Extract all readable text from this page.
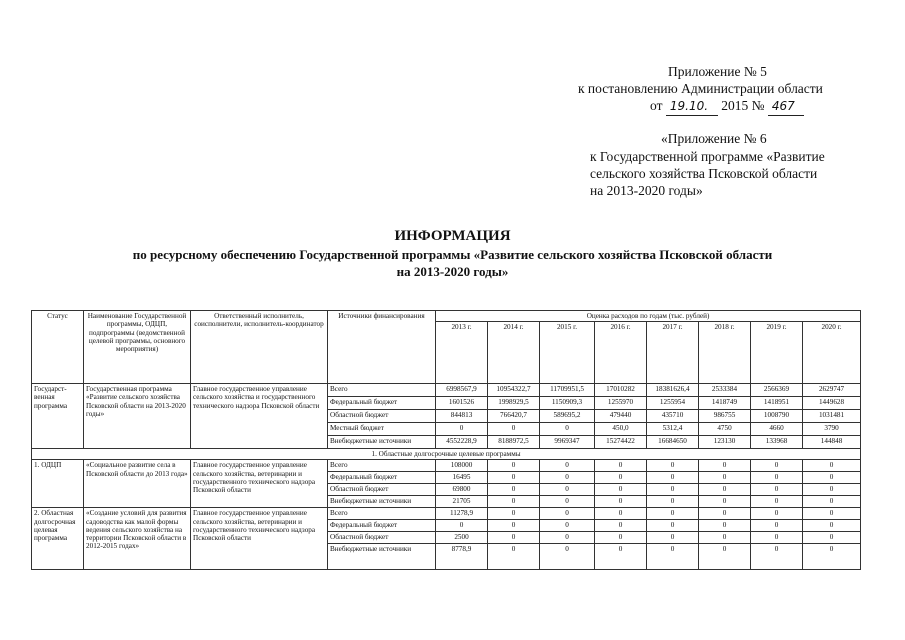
Приложение № 5
к постановлению Администрации области
от 19.10. 2015 № 467
«Приложение № 6
к Государственной программе «Развитие
сельского хозяйства Псковской области
на 2013-2020 годы»
ИНФОРМАЦИЯ
по ресурсному обеспечению Государственной программы «Развитие сельского хозяйства Псковской области
на 2013-2020 годы»
Статус	Наименование Государственной программы, ОДЦП, подпрограммы (ведомственной целевой программы, основного мероприятия)	Ответственный исполнитель, соисполнители, исполнитель-координатор	Источники финансирования	Оценка расходов по годам (тыс. рублей)							
				2013 г.	2014 г.	2015 г.	2016 г.	2017 г.	2018 г.	2019 г.	2020 г.
Государст-венная программа	Государственная программа «Развитие сельского хозяйства Псковской области на 2013-2020 годы»	Главное государственное управление сельского хозяйства и государственного технического надзора Псковской области	Всего	6998567,9	10954322,7	11709951,5	17010282	18381626,4	2533384	2566369	2629747
			Федеральный бюджет	1601526	1998929,5	1150909,3	1255970	1255954	1418749	1418951	1449628
			Областной бюджет	844813	766420,7	589695,2	479440	435710	986755	1008790	1031481
			Местный бюджет	0	0	0	450,0	5312,4	4750	4660	3790
			Внебюджетные источники	4552228,9	8188972,5	9969347	15274422	16684650	123130	133968	144848
1. Областные долгосрочные целевые программы											
1. ОДЦП	«Социальное развитие села в Псковской области до 2013 года»	Главное государственное управление сельского хозяйства, ветеринарии и государственного технического надзора Псковской области	Всего	108000	0	0	0	0	0	0	0
			Федеральный бюджет	16495	0	0	0	0	0	0	0
			Областной бюджет	69800	0	0	0	0	0	0	0
			Внебюджетные источники	21705	0	0	0	0	0	0	0
2. Областная долгосрочная целевая программа	«Создание условий для развития садоводства как малой формы ведения сельского хозяйства на территории Псковской области в 2012-2015 годах»	Главное государственное управление сельского хозяйства, ветеринарии и государственного технического надзора Псковской области	Всего	11278,9	0	0	0	0	0	0	0
			Федеральный бюджет	0	0	0	0	0	0	0	0
			Областной бюджет	2500	0	0	0	0	0	0	0
			Внебюджетные источники	8778,9	0	0	0	0	0	0	0
